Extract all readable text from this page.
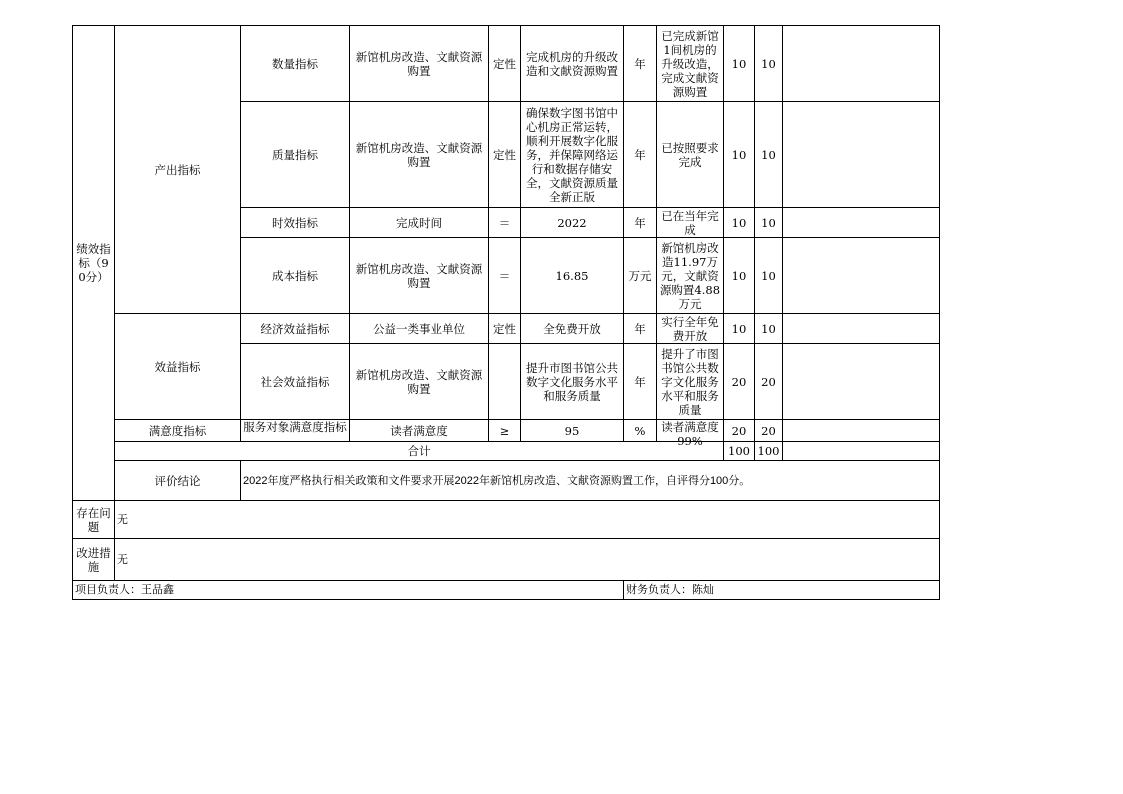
绩效指标（90分）	产出指标	数量指标	新馆机房改造、文献资源购置	定性	完成机房的升级改造和文献资源购置	年	已完成新馆1间机房的升级改造，完成文献资源购置	10	10	
		质量指标	新馆机房改造、文献资源购置	定性	确保数字图书馆中心机房正常运转，顺利开展数字化服务，并保障网络运行和数据存储安全，文献资源质量全新正版	年	已按照要求完成	10	10	
		时效指标	完成时间	＝	2022	年	已在当年完成	10	10	
		成本指标	新馆机房改造、文献资源购置	＝	16.85	万元	新馆机房改造11.97万元，文献资源购置4.88万元	10	10	
	效益指标	经济效益指标	公益一类事业单位	定性	全免费开放	年	实行全年免费开放	10	10	
		社会效益指标	新馆机房改造、文献资源购置		提升市图书馆公共数字文化服务水平和服务质量	年	提升了市图书馆公共数字文化服务水平和服务质量	20	20	
	满意度指标	服务对象满意度指标	读者满意度	≥	95	%	读者满意度99%	20	20	
	合计							100	100	
	评价结论	2022年度严格执行相关政策和文件要求开展2022年新馆机房改造、文献资源购置工作，自评得分100分。								
存在问题	无									
改进措施	无									
项目负责人：王品鑫						财务负责人：陈灿				
